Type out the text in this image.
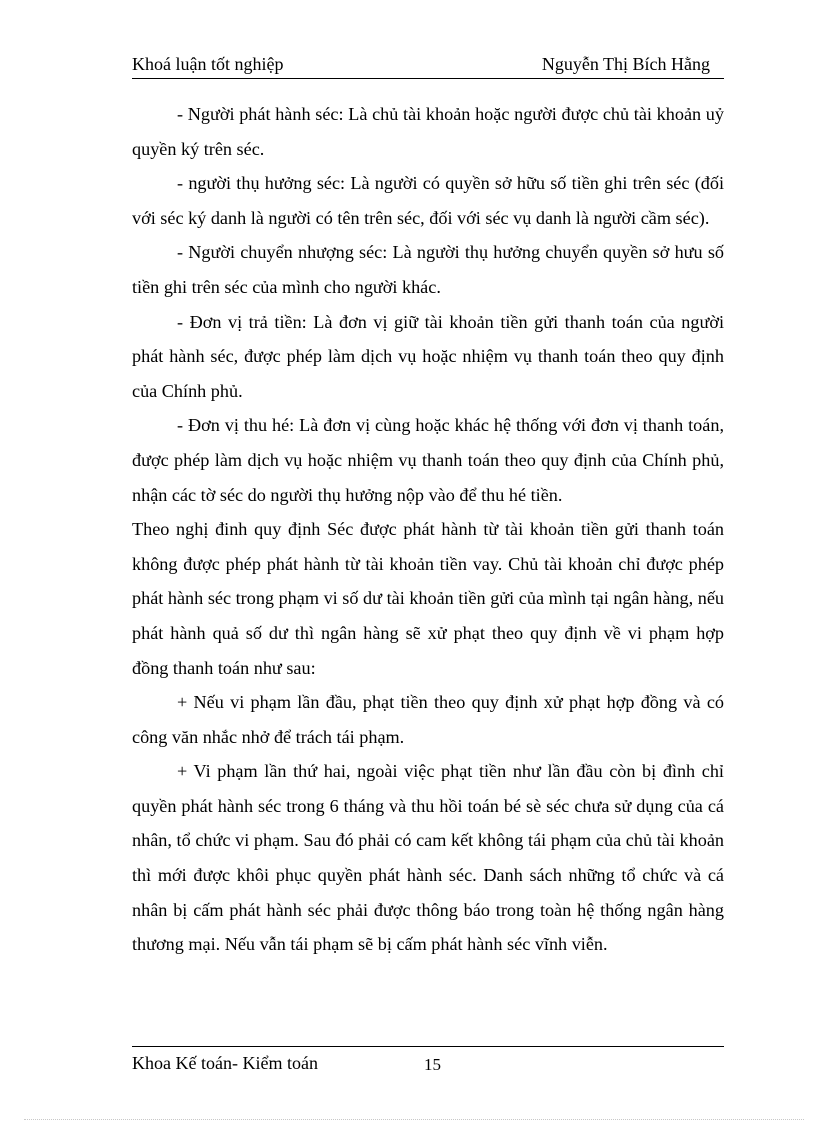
Khoá luận tốt nghiệp	Nguyễn Thị Bích Hằng

- Người phát hành séc: Là chủ tài khoản hoặc người được chủ tài khoản uỷ quyền ký trên séc.

- người thụ hưởng séc: Là người có quyền sở hữu số tiền ghi trên séc (đối với séc ký danh là người có tên trên séc, đối với séc vụ danh là người cầm séc).

- Người chuyển nhượng séc: Là người thụ hưởng chuyển quyền sở hưu số tiền ghi trên séc của mình cho người khác.

- Đơn vị trả tiền: Là đơn vị giữ tài khoản tiền gửi thanh toán của người phát hành séc, được phép làm dịch vụ hoặc nhiệm vụ thanh toán theo quy định của Chính phủ.

- Đơn vị thu hé: Là đơn vị cùng hoặc khác hệ thống với đơn vị thanh toán, được phép làm dịch vụ hoặc nhiệm vụ thanh toán theo quy định của Chính phủ, nhận các tờ séc do người thụ hưởng nộp vào để thu hé tiền.

Theo nghị đinh quy định Séc được phát hành từ tài khoản tiền gửi thanh toán không được phép phát hành từ tài khoản tiền vay. Chủ tài khoản chỉ được phép phát hành séc trong phạm vi số dư tài khoản tiền gửi của mình tại ngân hàng, nếu phát hành quả số dư thì ngân hàng sẽ xử phạt theo quy định về vi phạm hợp đồng thanh toán như sau:

+ Nếu vi phạm lần đầu, phạt tiền theo quy định xử phạt hợp đồng và có công văn nhắc nhở để trách tái phạm.

+ Vi phạm lần thứ hai, ngoài việc phạt tiền như lần đầu còn bị đình chỉ quyền phát hành séc trong 6 tháng và thu hồi toán bé sè séc chưa sử dụng của cá nhân, tổ chức vi phạm. Sau đó phải có cam kết không tái phạm của chủ tài khoản thì mới được khôi phục quyền phát hành séc. Danh sách những tổ chức và cá nhân bị cấm phát hành séc phải được thông báo trong toàn hệ thống ngân hàng thương mại. Nếu vẫn tái phạm sẽ bị cấm phát hành séc vĩnh viễn.

Khoa Kế toán- Kiểm toán	15
